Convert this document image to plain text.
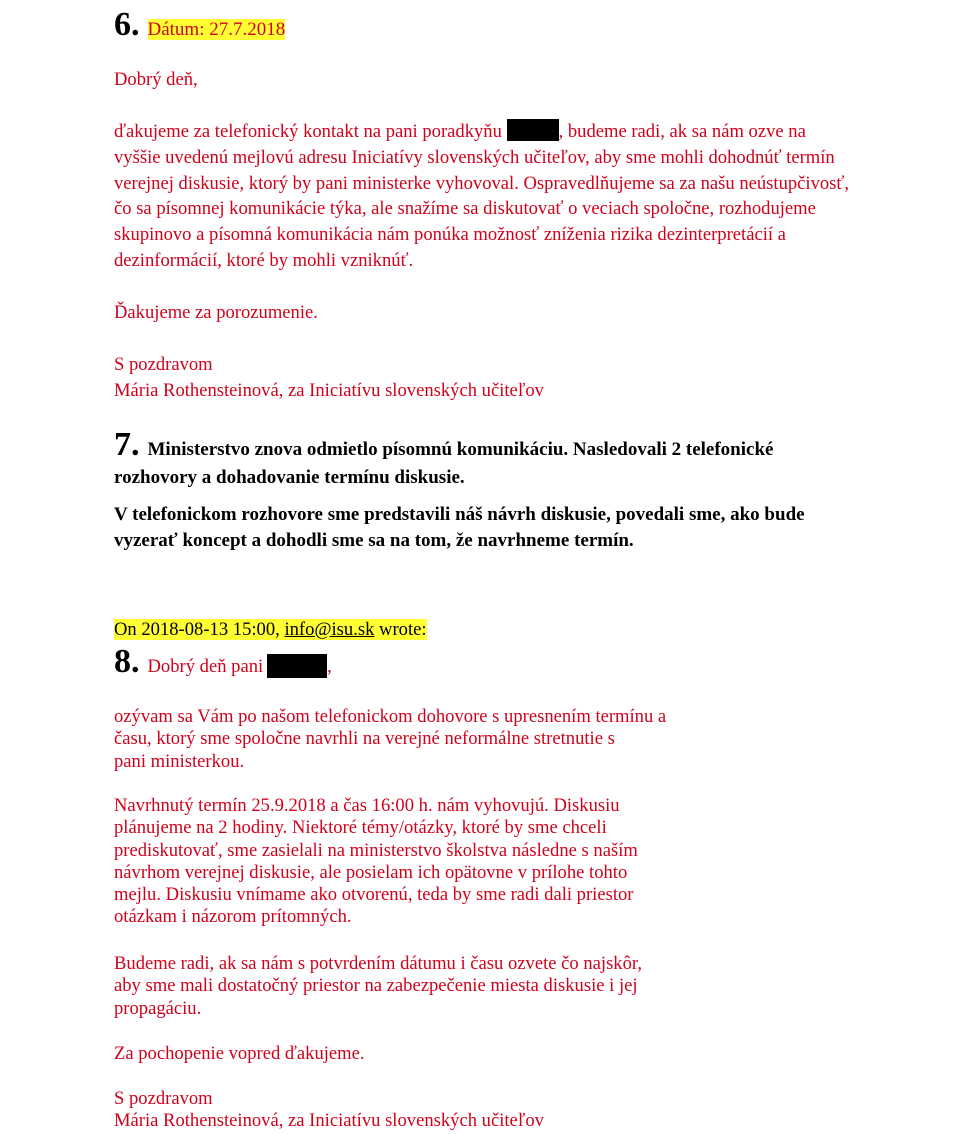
6. Dátum: 27.7.2018
Dobrý deň,
ďakujeme za telefonický kontakt na pani poradkyňu	, budeme radi, ak sa nám ozve na vyššie uvedenú mejlovú adresu Iniciatívy slovenských učiteľov, aby sme mohli dohodnúť termín verejnej diskusie, ktorý by pani ministerke vyhovoval. Ospravedlňujeme sa za našu neústupčivosť, čo sa písomnej komunikácie týka, ale snažíme sa diskutovať o veciach spoločne, rozhodujeme skupinovo a písomná komunikácia nám ponúka možnosť zníženia rizika dezinterpretácií a dezinformácií, ktoré by mohli vzniknúť.
Ďakujeme za porozumenie.
S pozdravom
Mária Rothensteinová, za Iniciatívu slovenských učiteľov
7. Ministerstvo znova odmietlo písomnú komunikáciu. Nasledovali 2 telefonické rozhovory a dohadovanie termínu diskusie.
V telefonickom rozhovore sme predstavili náš návrh diskusie, povedali sme, ako bude vyzerať koncept a dohodli sme sa na tom, že navrhneme termín.
On 2018-08-13 15:00, info@isu.sk wrote:
8. Dobrý deň pani	,
ozývam sa Vám po našom telefonickom dohovore s upresnením termínu a
času, ktorý sme spoločne navrhli na verejné neformálne stretnutie s
pani ministerkou.
Navrhnutý termín 25.9.2018 a čas 16:00 h. nám vyhovujú. Diskusiu
plánujeme na 2 hodiny. Niektoré témy/otázky, ktoré by sme chceli
prediskutovať, sme zasielali na ministerstvo školstva následne s naším
návrhom verejnej diskusie, ale posielam ich opätovne v prílohe tohto
mejlu. Diskusiu vnímame ako otvorenú, teda by sme radi dali priestor
otázkam i názorom prítomných.
Budeme radi, ak sa nám s potvrdením dátumu i času ozvete čo najskôr,
aby sme mali dostatočný priestor na zabezpečenie miesta diskusie i jej
propagáciu.
Za pochopenie vopred ďakujeme.
S pozdravom
Mária Rothensteinová, za Iniciatívu slovenských učiteľov
